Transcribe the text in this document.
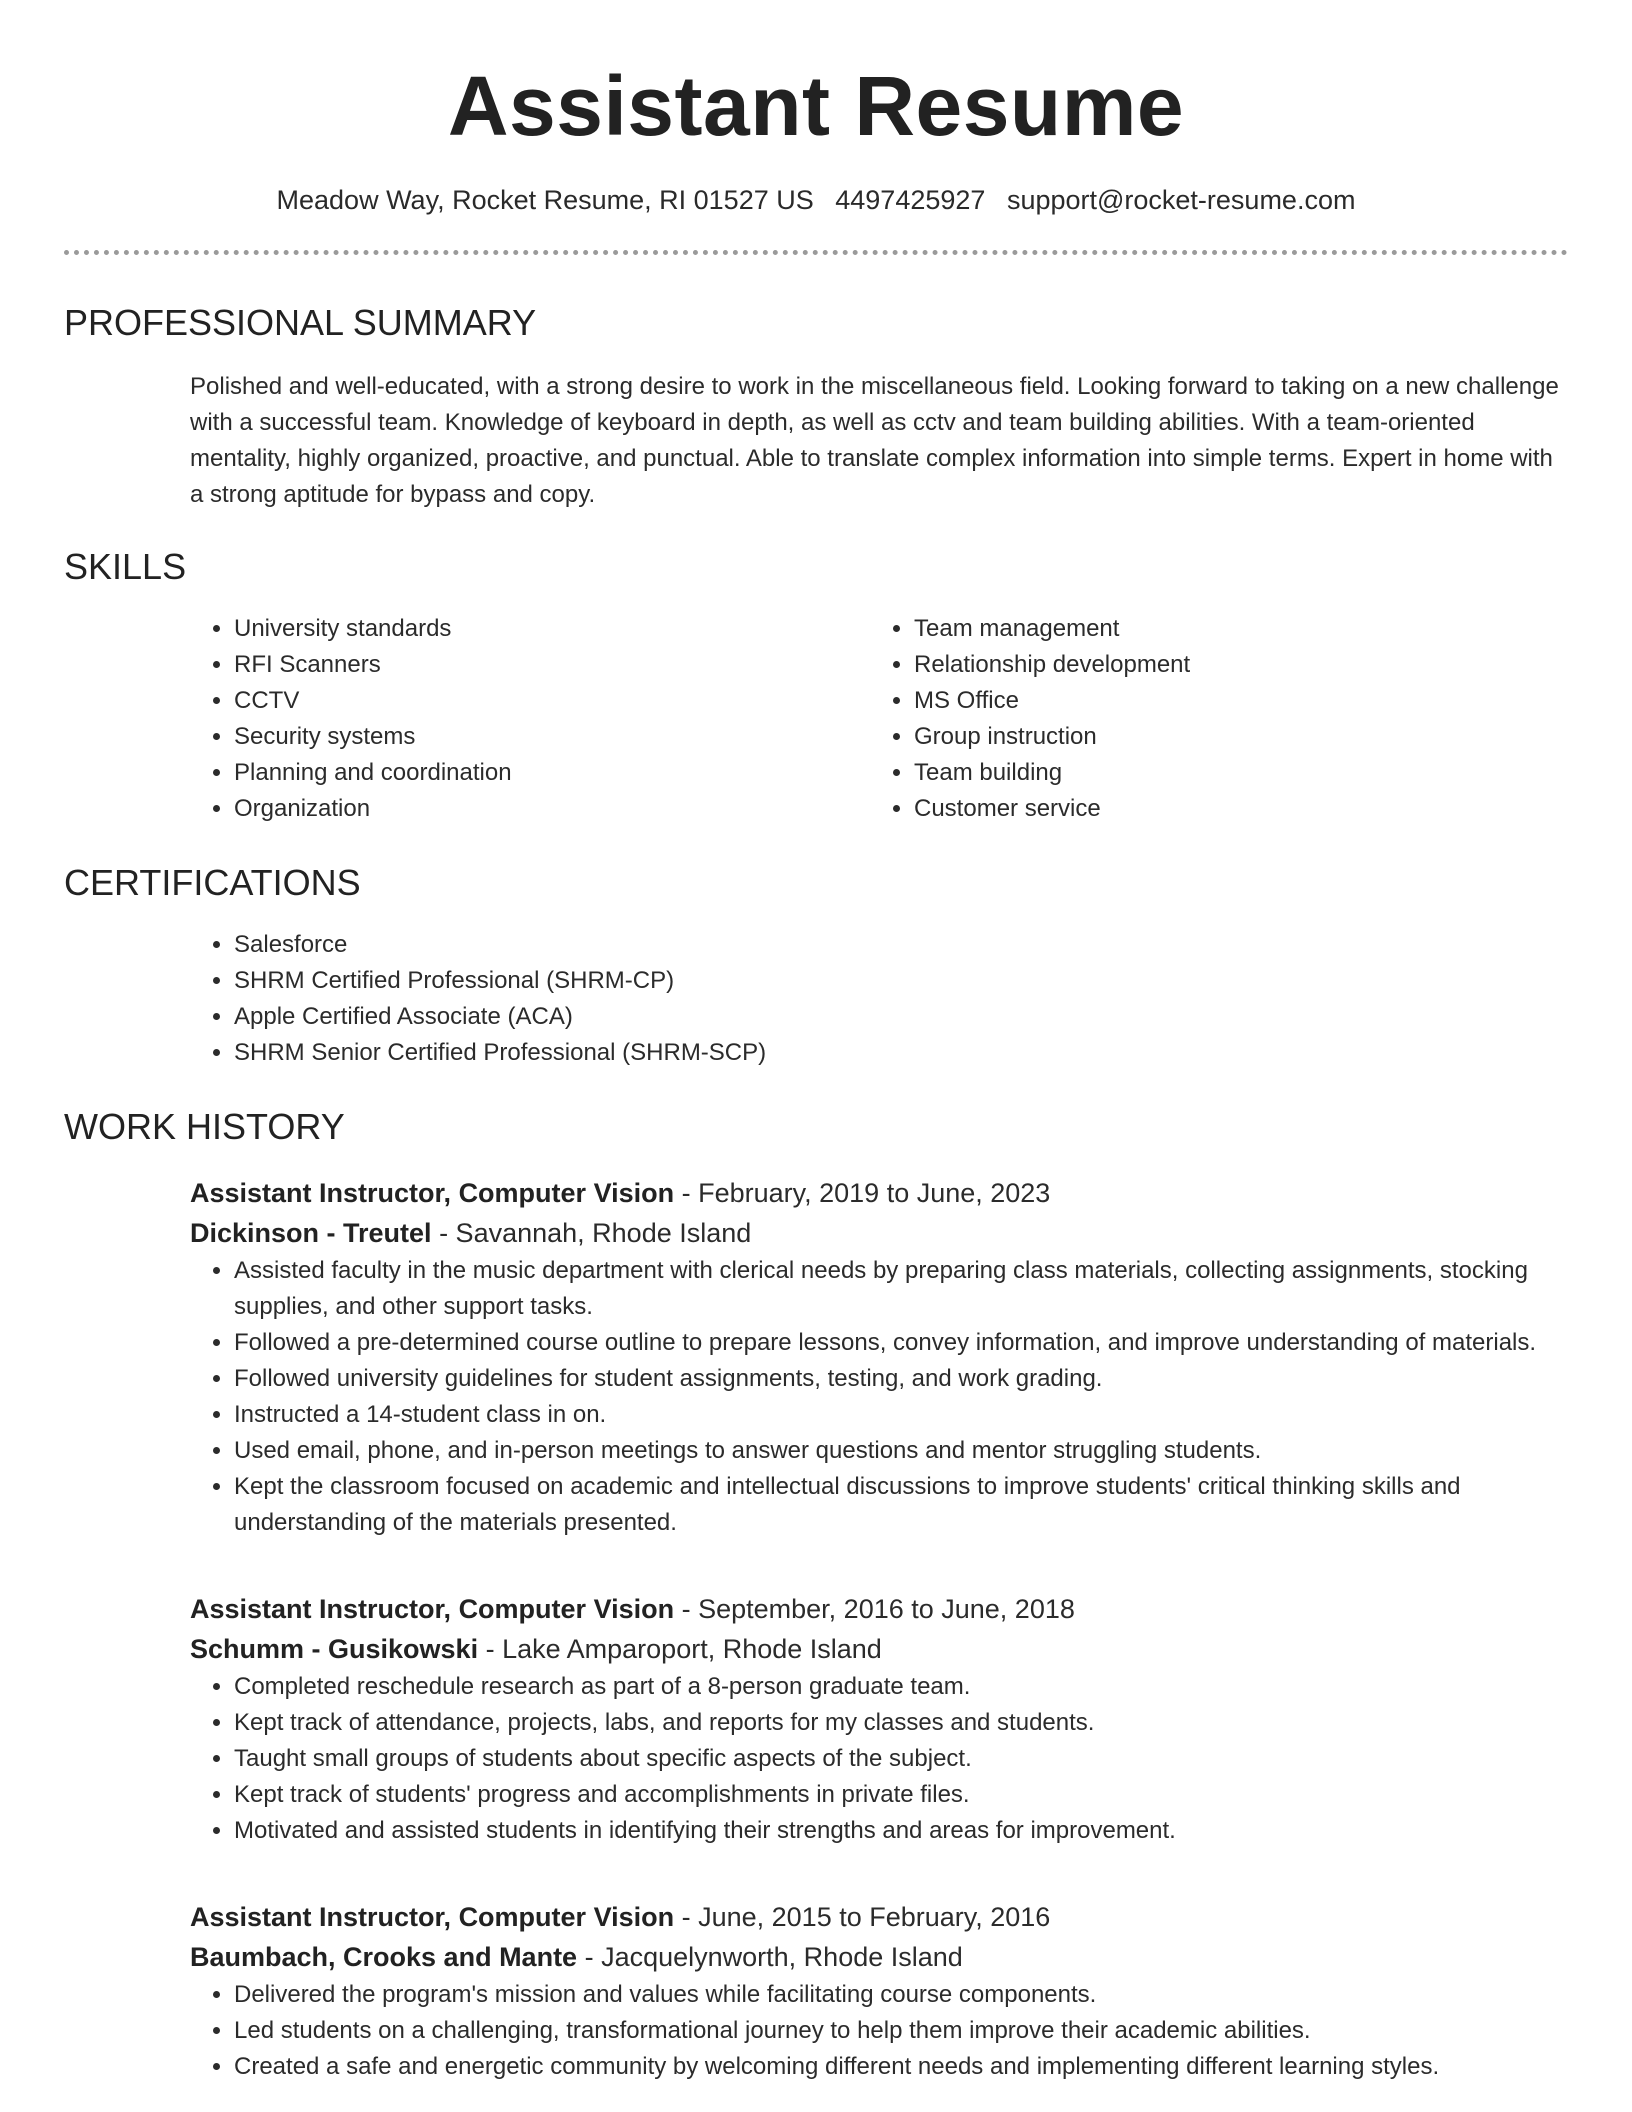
Assistant Resume
Meadow Way, Rocket Resume, RI 01527 US 4497425927 support@rocket-resume.com
PROFESSIONAL SUMMARY

Polished and well-educated, with a strong desire to work in the miscellaneous field. Looking forward to taking on a new challenge with a successful team. Knowledge of keyboard in depth, as well as cctv and team building abilities. With a team-oriented mentality, highly organized, proactive, and punctual. Able to translate complex information into simple terms. Expert in home with a strong aptitude for bypass and copy.

SKILLS
• University standards
• RFI Scanners
• CCTV
• Security systems
• Planning and coordination
• Organization
• Team management
• Relationship development
• MS Office
• Group instruction
• Team building
• Customer service
CERTIFICATIONS
• Salesforce
• SHRM Certified Professional (SHRM-CP)
• Apple Certified Associate (ACA)
• SHRM Senior Certified Professional (SHRM-SCP)
WORK HISTORY
Assistant Instructor, Computer Vision - February, 2019 to June, 2023
Dickinson - Treutel - Savannah, Rhode Island
• Assisted faculty in the music department with clerical needs by preparing class materials, collecting assignments, stocking supplies, and other support tasks.
• Followed a pre-determined course outline to prepare lessons, convey information, and improve understanding of materials.
• Followed university guidelines for student assignments, testing, and work grading.
• Instructed a 14-student class in on.
• Used email, phone, and in-person meetings to answer questions and mentor struggling students.
• Kept the classroom focused on academic and intellectual discussions to improve students' critical thinking skills and understanding of the materials presented.
Assistant Instructor, Computer Vision - September, 2016 to June, 2018
Schumm - Gusikowski - Lake Amparoport, Rhode Island
• Completed reschedule research as part of a 8-person graduate team.
• Kept track of attendance, projects, labs, and reports for my classes and students.
• Taught small groups of students about specific aspects of the subject.
• Kept track of students' progress and accomplishments in private files.
• Motivated and assisted students in identifying their strengths and areas for improvement.
Assistant Instructor, Computer Vision - June, 2015 to February, 2016
Baumbach, Crooks and Mante - Jacquelynworth, Rhode Island
• Delivered the program's mission and values while facilitating course components.
• Led students on a challenging, transformational journey to help them improve their academic abilities.
• Created a safe and energetic community by welcoming different needs and implementing different learning styles.
